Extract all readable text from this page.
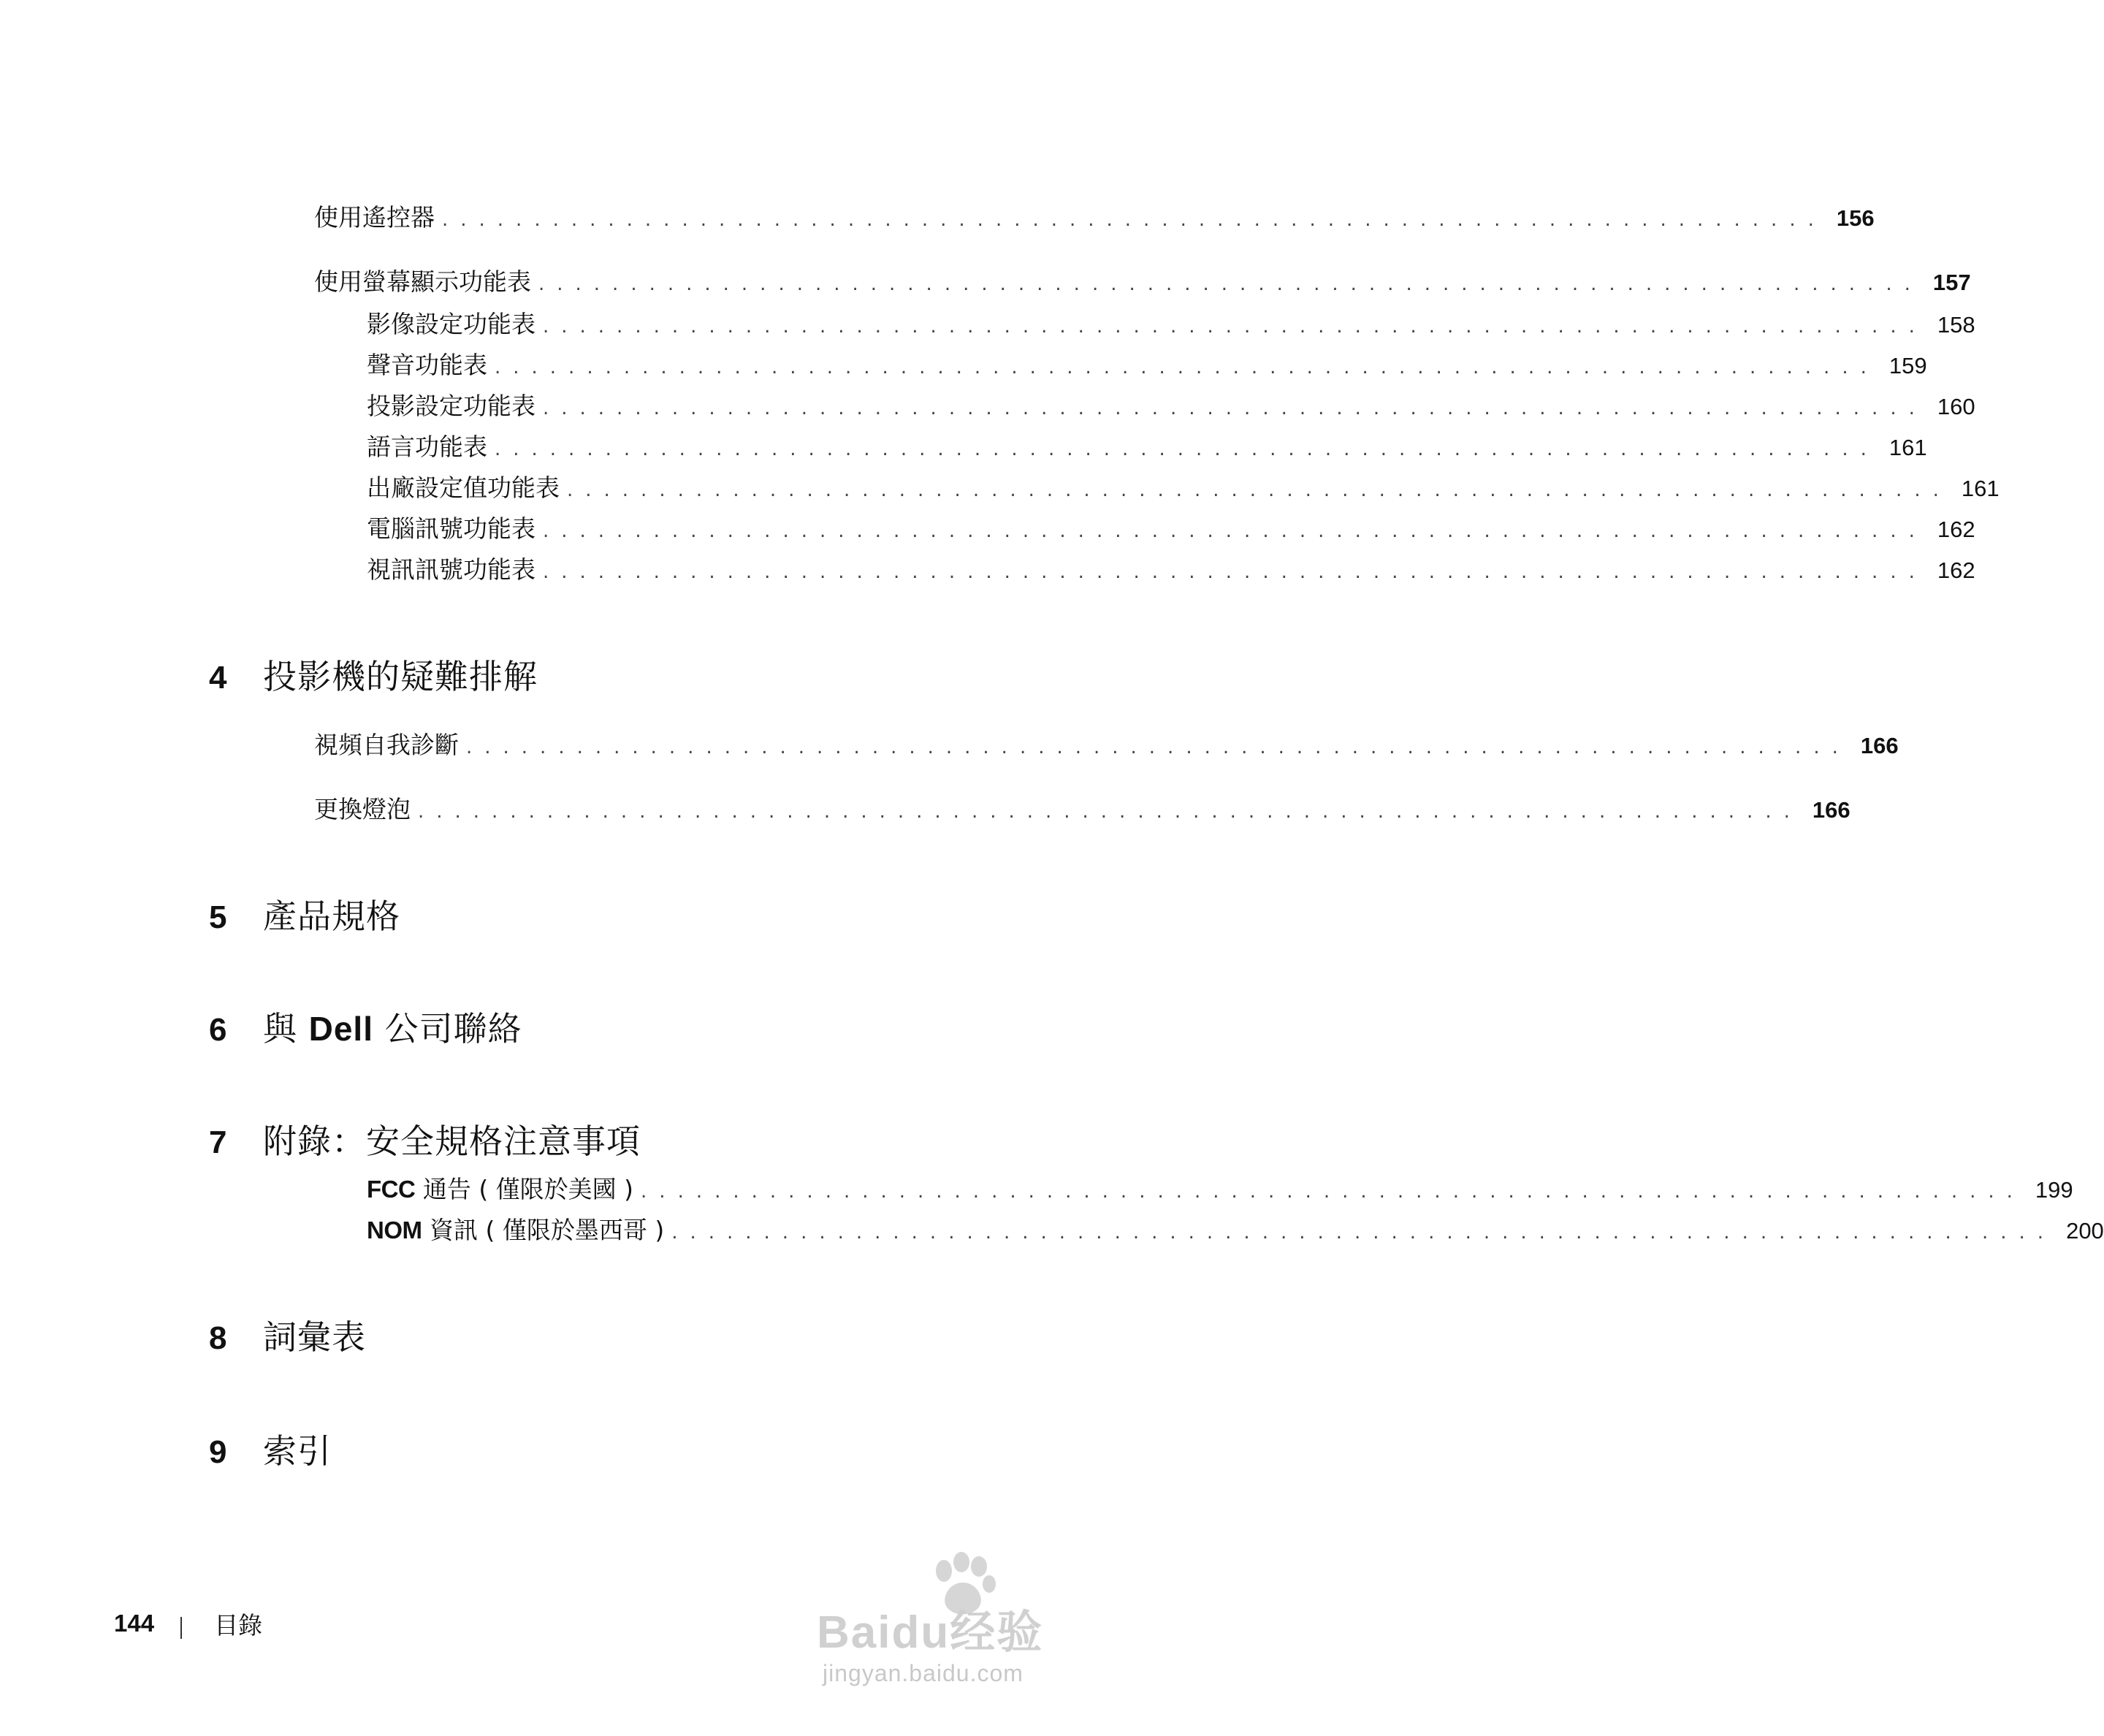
使用遙控器 ........................................................................... 156
使用螢幕顯示功能表 ........................................................................... 157
影像設定功能表 ........................................................................... 158
聲音功能表 ........................................................................... 159
投影設定功能表 ........................................................................... 160
語言功能表 ........................................................................... 161
出廠設定值功能表 ........................................................................... 161
電腦訊號功能表 ........................................................................... 162
視訊訊號功能表 ........................................................................... 162
4	投影機的疑難排解
視頻自我診斷 ........................................................................... 166
更換燈泡 ........................................................................... 166
5	產品規格
6	與 Dell 公司聯絡
7	附錄：安全規格注意事項
FCC 通告 ( 僅限於美國 ) ........................................................................... 199
NOM 資訊 ( 僅限於墨西哥 ) ........................................................................... 200
8	詞彙表
9	索引
144 目錄	Baidu经验
jingyan.baidu.com
